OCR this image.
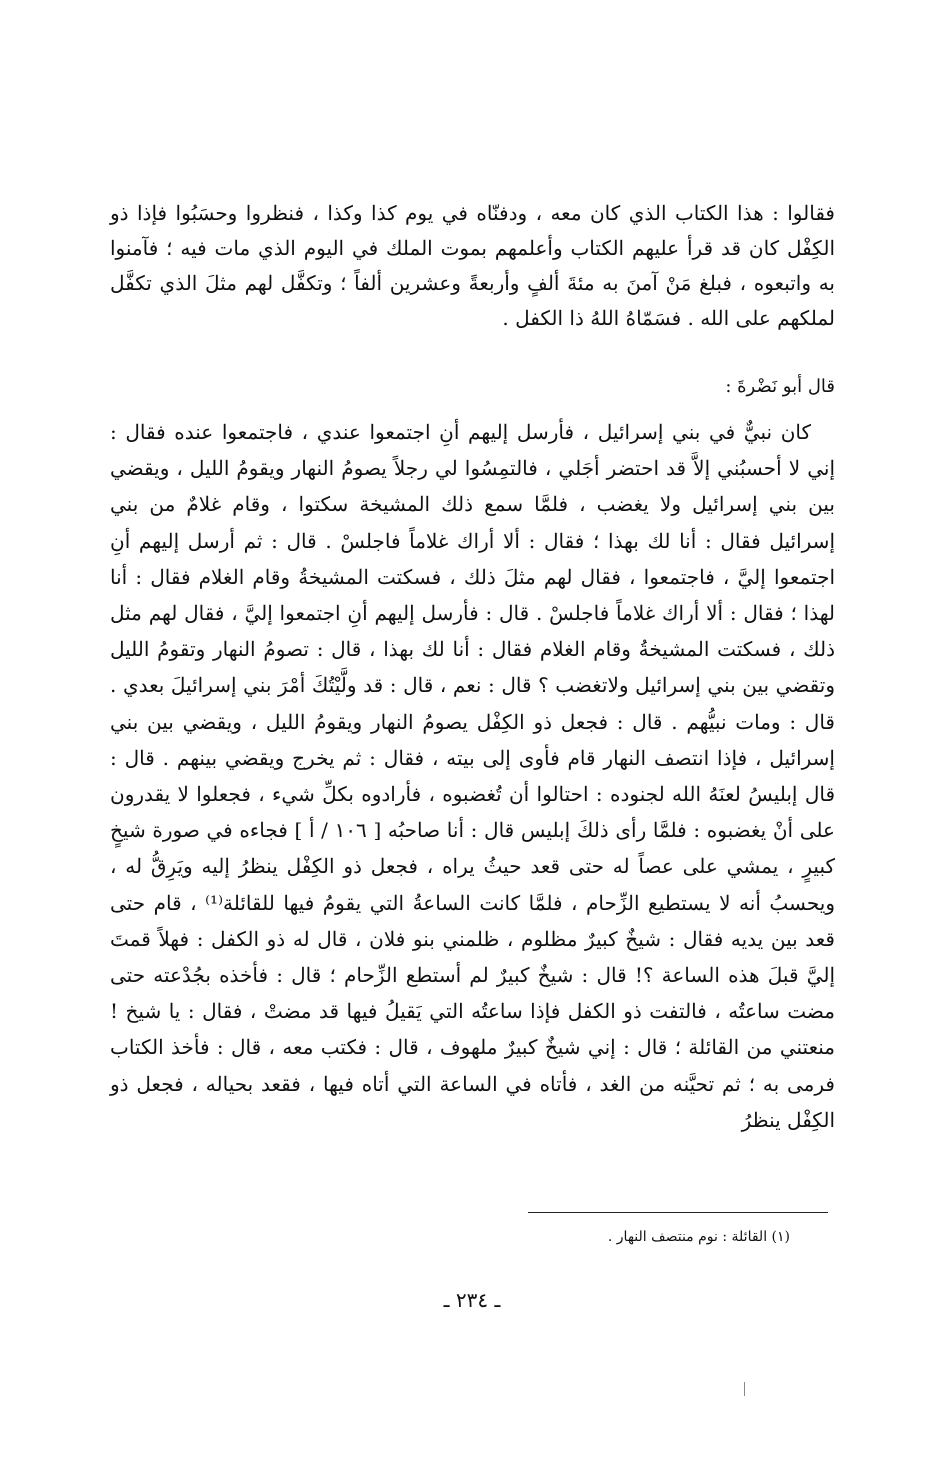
فقالوا : هذا الكتاب الذي كان معه ، ودفنّاه في يوم كذا وكذا ، فنظروا وحسَبُوا فإذا ذو الكِفْل كان قد قرأ عليهم الكتاب وأعلمهم بموت الملك في اليوم الذي مات فيه ؛ فآمنوا به واتبعوه ، فبلغ مَنْ آمنَ به مئةَ ألفٍ وأربعةً وعشرين ألفاً ؛ وتكفَّل لهم مثلَ الذي تكفَّل لملكهم على الله . فسَمّاهُ اللهُ ذا الكفل .

قال أبو نَضْرةَ :

كان نبيٌّ في بني إسرائيل ، فأرسل إليهم أنِ اجتمعوا عندي ، فاجتمعوا عنده فقال : إني لا أحسبُني إلاَّ قد احتضر أجَلي ، فالتمِسُوا لي رجلاً يصومُ النهار ويقومُ الليل ، ويقضي بين بني إسرائيل ولا يغضب ، فلمَّا سمع ذلك المشيخة سكتوا ، وقام غلامٌ من بني إسرائيل فقال : أنا لك بهذا ؛ فقال : ألا أراك غلاماً فاجلسْ . قال : ثم أرسل إليهم أنِ اجتمعوا إليَّ ، فاجتمعوا ، فقال لهم مثلَ ذلك ، فسكتت المشيخةُ وقام الغلام فقال : أنا لهذا ؛ فقال : ألا أراك غلاماً فاجلسْ . قال : فأرسل إليهم أنِ اجتمعوا إليَّ ، فقال لهم مثل ذلك ، فسكتت المشيخةُ وقام الغلام فقال : أنا لك بهذا ، قال : تصومُ النهار وتقومُ الليل وتقضي بين بني إسرائيل ولاتغضب ؟ قال : نعم ، قال : قد ولَّيْتُكَ أمْرَ بني إسرائيلَ بعدي . قال : ومات نبيُّهم . قال : فجعل ذو الكِفْل يصومُ النهار ويقومُ الليل ، ويقضي بين بني إسرائيل ، فإذا انتصف النهار قام فأوى إلى بيته ، فقال : ثم يخرج ويقضي بينهم . قال : قال إبليسُ لعنَهُ الله لجنوده : احتالوا أن تُغضبوه ، فأرادوه بكلِّ شيء ، فجعلوا لا يقدرون على أنْ يغضبوه : فلمَّا رأى ذلكَ إبليس قال : أنا صاحبُه [ ١٠٦ / أ ] فجاءه في صورة شيخٍ كبيرٍ ، يمشي على عصاً له حتى قعد حيثُ يراه ، فجعل ذو الكِفْل ينظرُ إليه ويَرِقُّ له ، ويحسبُ أنه لا يستطيع الزِّحام ، فلمَّا كانت الساعةُ التي يقومُ فيها للقائلة⁽¹⁾ ، قام حتى قعد بين يديه فقال : شيخٌ كبيرٌ مظلوم ، ظلمني بنو فلان ، قال له ذو الكفل : فهلاً قمتَ إليَّ قبلَ هذه الساعة ؟! قال : شيخٌ كبيرٌ لم أستطع الزِّحام ؛ قال : فأخذه بجُدْعته حتى مضت ساعتُه ، فالتفت ذو الكفل فإذا ساعتُه التي يَقيلُ فيها قد مضتْ ، فقال : يا شيخ ! منعتني من القائلة ؛ قال : إني شيخٌ كبيرٌ ملهوف ، قال : فكتب معه ، قال : فأخذ الكتاب فرمى به ؛ ثم تحيَّنه من الغد ، فأتاه في الساعة التي أتاه فيها ، فقعد بحياله ، فجعل ذو الكِفْل ينظرُ

(١) القائلة : نوم منتصف النهار .
ـ ٢٣٤ ـ
